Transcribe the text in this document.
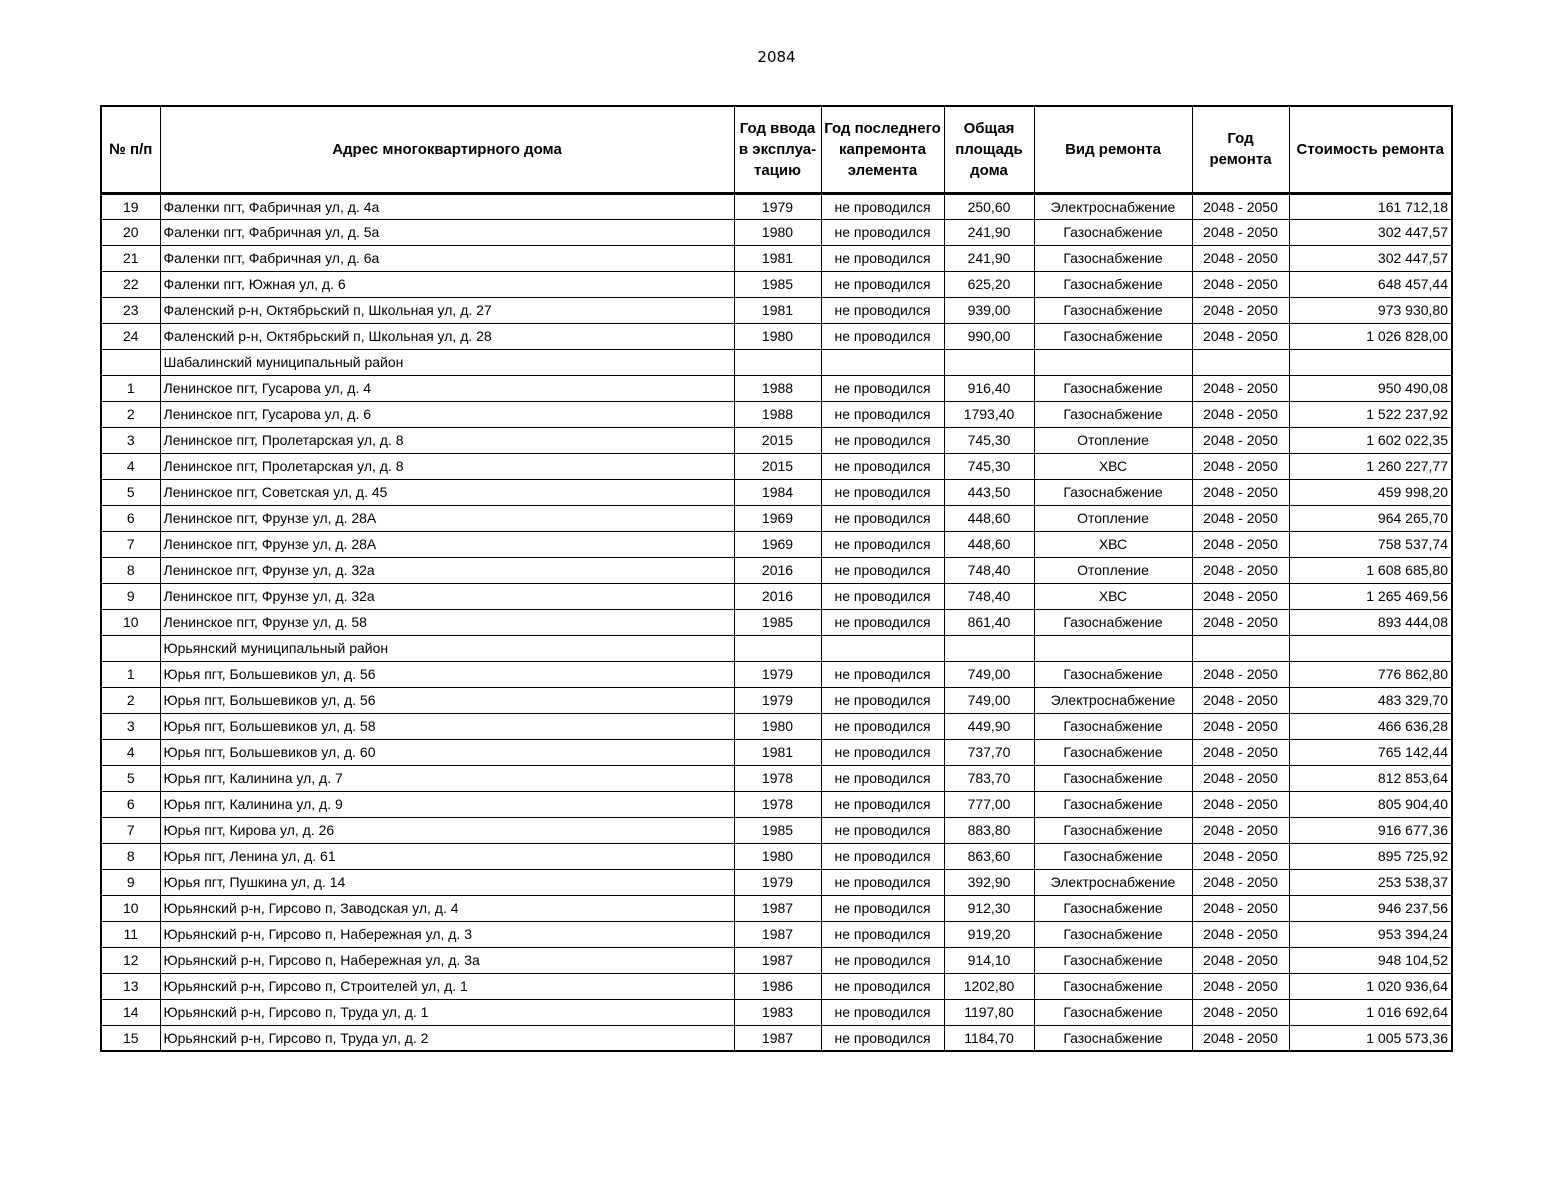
2084
№ п/п	Адрес многоквартирного дома	Год ввода в эксплуа-тацию	Год последнего капремонта элемента	Общая площадь дома	Вид ремонта	Год ремонта	Стоимость ремонта
19	Фаленки пгт, Фабричная ул, д. 4а	1979	не проводился	250,60	Электроснабжение	2048 - 2050	161 712,18
20	Фаленки пгт, Фабричная ул, д. 5а	1980	не проводился	241,90	Газоснабжение	2048 - 2050	302 447,57
21	Фаленки пгт, Фабричная ул, д. 6а	1981	не проводился	241,90	Газоснабжение	2048 - 2050	302 447,57
22	Фаленки пгт, Южная ул, д. 6	1985	не проводился	625,20	Газоснабжение	2048 - 2050	648 457,44
23	Фаленский р-н, Октябрьский п, Школьная ул, д. 27	1981	не проводился	939,00	Газоснабжение	2048 - 2050	973 930,80
24	Фаленский р-н, Октябрьский п, Школьная ул, д. 28	1980	не проводился	990,00	Газоснабжение	2048 - 2050	1 026 828,00
	Шабалинский муниципальный район						
1	Ленинское пгт, Гусарова ул, д. 4	1988	не проводился	916,40	Газоснабжение	2048 - 2050	950 490,08
2	Ленинское пгт, Гусарова ул, д. 6	1988	не проводился	1793,40	Газоснабжение	2048 - 2050	1 522 237,92
3	Ленинское пгт, Пролетарская ул, д. 8	2015	не проводился	745,30	Отопление	2048 - 2050	1 602 022,35
4	Ленинское пгт, Пролетарская ул, д. 8	2015	не проводился	745,30	ХВС	2048 - 2050	1 260 227,77
5	Ленинское пгт, Советская ул, д. 45	1984	не проводился	443,50	Газоснабжение	2048 - 2050	459 998,20
6	Ленинское пгт, Фрунзе ул, д. 28А	1969	не проводился	448,60	Отопление	2048 - 2050	964 265,70
7	Ленинское пгт, Фрунзе ул, д. 28А	1969	не проводился	448,60	ХВС	2048 - 2050	758 537,74
8	Ленинское пгт, Фрунзе ул, д. 32а	2016	не проводился	748,40	Отопление	2048 - 2050	1 608 685,80
9	Ленинское пгт, Фрунзе ул, д. 32а	2016	не проводился	748,40	ХВС	2048 - 2050	1 265 469,56
10	Ленинское пгт, Фрунзе ул, д. 58	1985	не проводился	861,40	Газоснабжение	2048 - 2050	893 444,08
	Юрьянский муниципальный район						
1	Юрья пгт, Большевиков ул, д. 56	1979	не проводился	749,00	Газоснабжение	2048 - 2050	776 862,80
2	Юрья пгт, Большевиков ул, д. 56	1979	не проводился	749,00	Электроснабжение	2048 - 2050	483 329,70
3	Юрья пгт, Большевиков ул, д. 58	1980	не проводился	449,90	Газоснабжение	2048 - 2050	466 636,28
4	Юрья пгт, Большевиков ул, д. 60	1981	не проводился	737,70	Газоснабжение	2048 - 2050	765 142,44
5	Юрья пгт, Калинина ул, д. 7	1978	не проводился	783,70	Газоснабжение	2048 - 2050	812 853,64
6	Юрья пгт, Калинина ул, д. 9	1978	не проводился	777,00	Газоснабжение	2048 - 2050	805 904,40
7	Юрья пгт, Кирова ул, д. 26	1985	не проводился	883,80	Газоснабжение	2048 - 2050	916 677,36
8	Юрья пгт, Ленина ул, д. 61	1980	не проводился	863,60	Газоснабжение	2048 - 2050	895 725,92
9	Юрья пгт, Пушкина ул, д. 14	1979	не проводился	392,90	Электроснабжение	2048 - 2050	253 538,37
10	Юрьянский р-н, Гирсово п, Заводская ул, д. 4	1987	не проводился	912,30	Газоснабжение	2048 - 2050	946 237,56
11	Юрьянский р-н, Гирсово п, Набережная ул, д. 3	1987	не проводился	919,20	Газоснабжение	2048 - 2050	953 394,24
12	Юрьянский р-н, Гирсово п, Набережная ул, д. 3а	1987	не проводился	914,10	Газоснабжение	2048 - 2050	948 104,52
13	Юрьянский р-н, Гирсово п, Строителей ул, д. 1	1986	не проводился	1202,80	Газоснабжение	2048 - 2050	1 020 936,64
14	Юрьянский р-н, Гирсово п, Труда ул, д. 1	1983	не проводился	1197,80	Газоснабжение	2048 - 2050	1 016 692,64
15	Юрьянский р-н, Гирсово п, Труда ул, д. 2	1987	не проводился	1184,70	Газоснабжение	2048 - 2050	1 005 573,36
